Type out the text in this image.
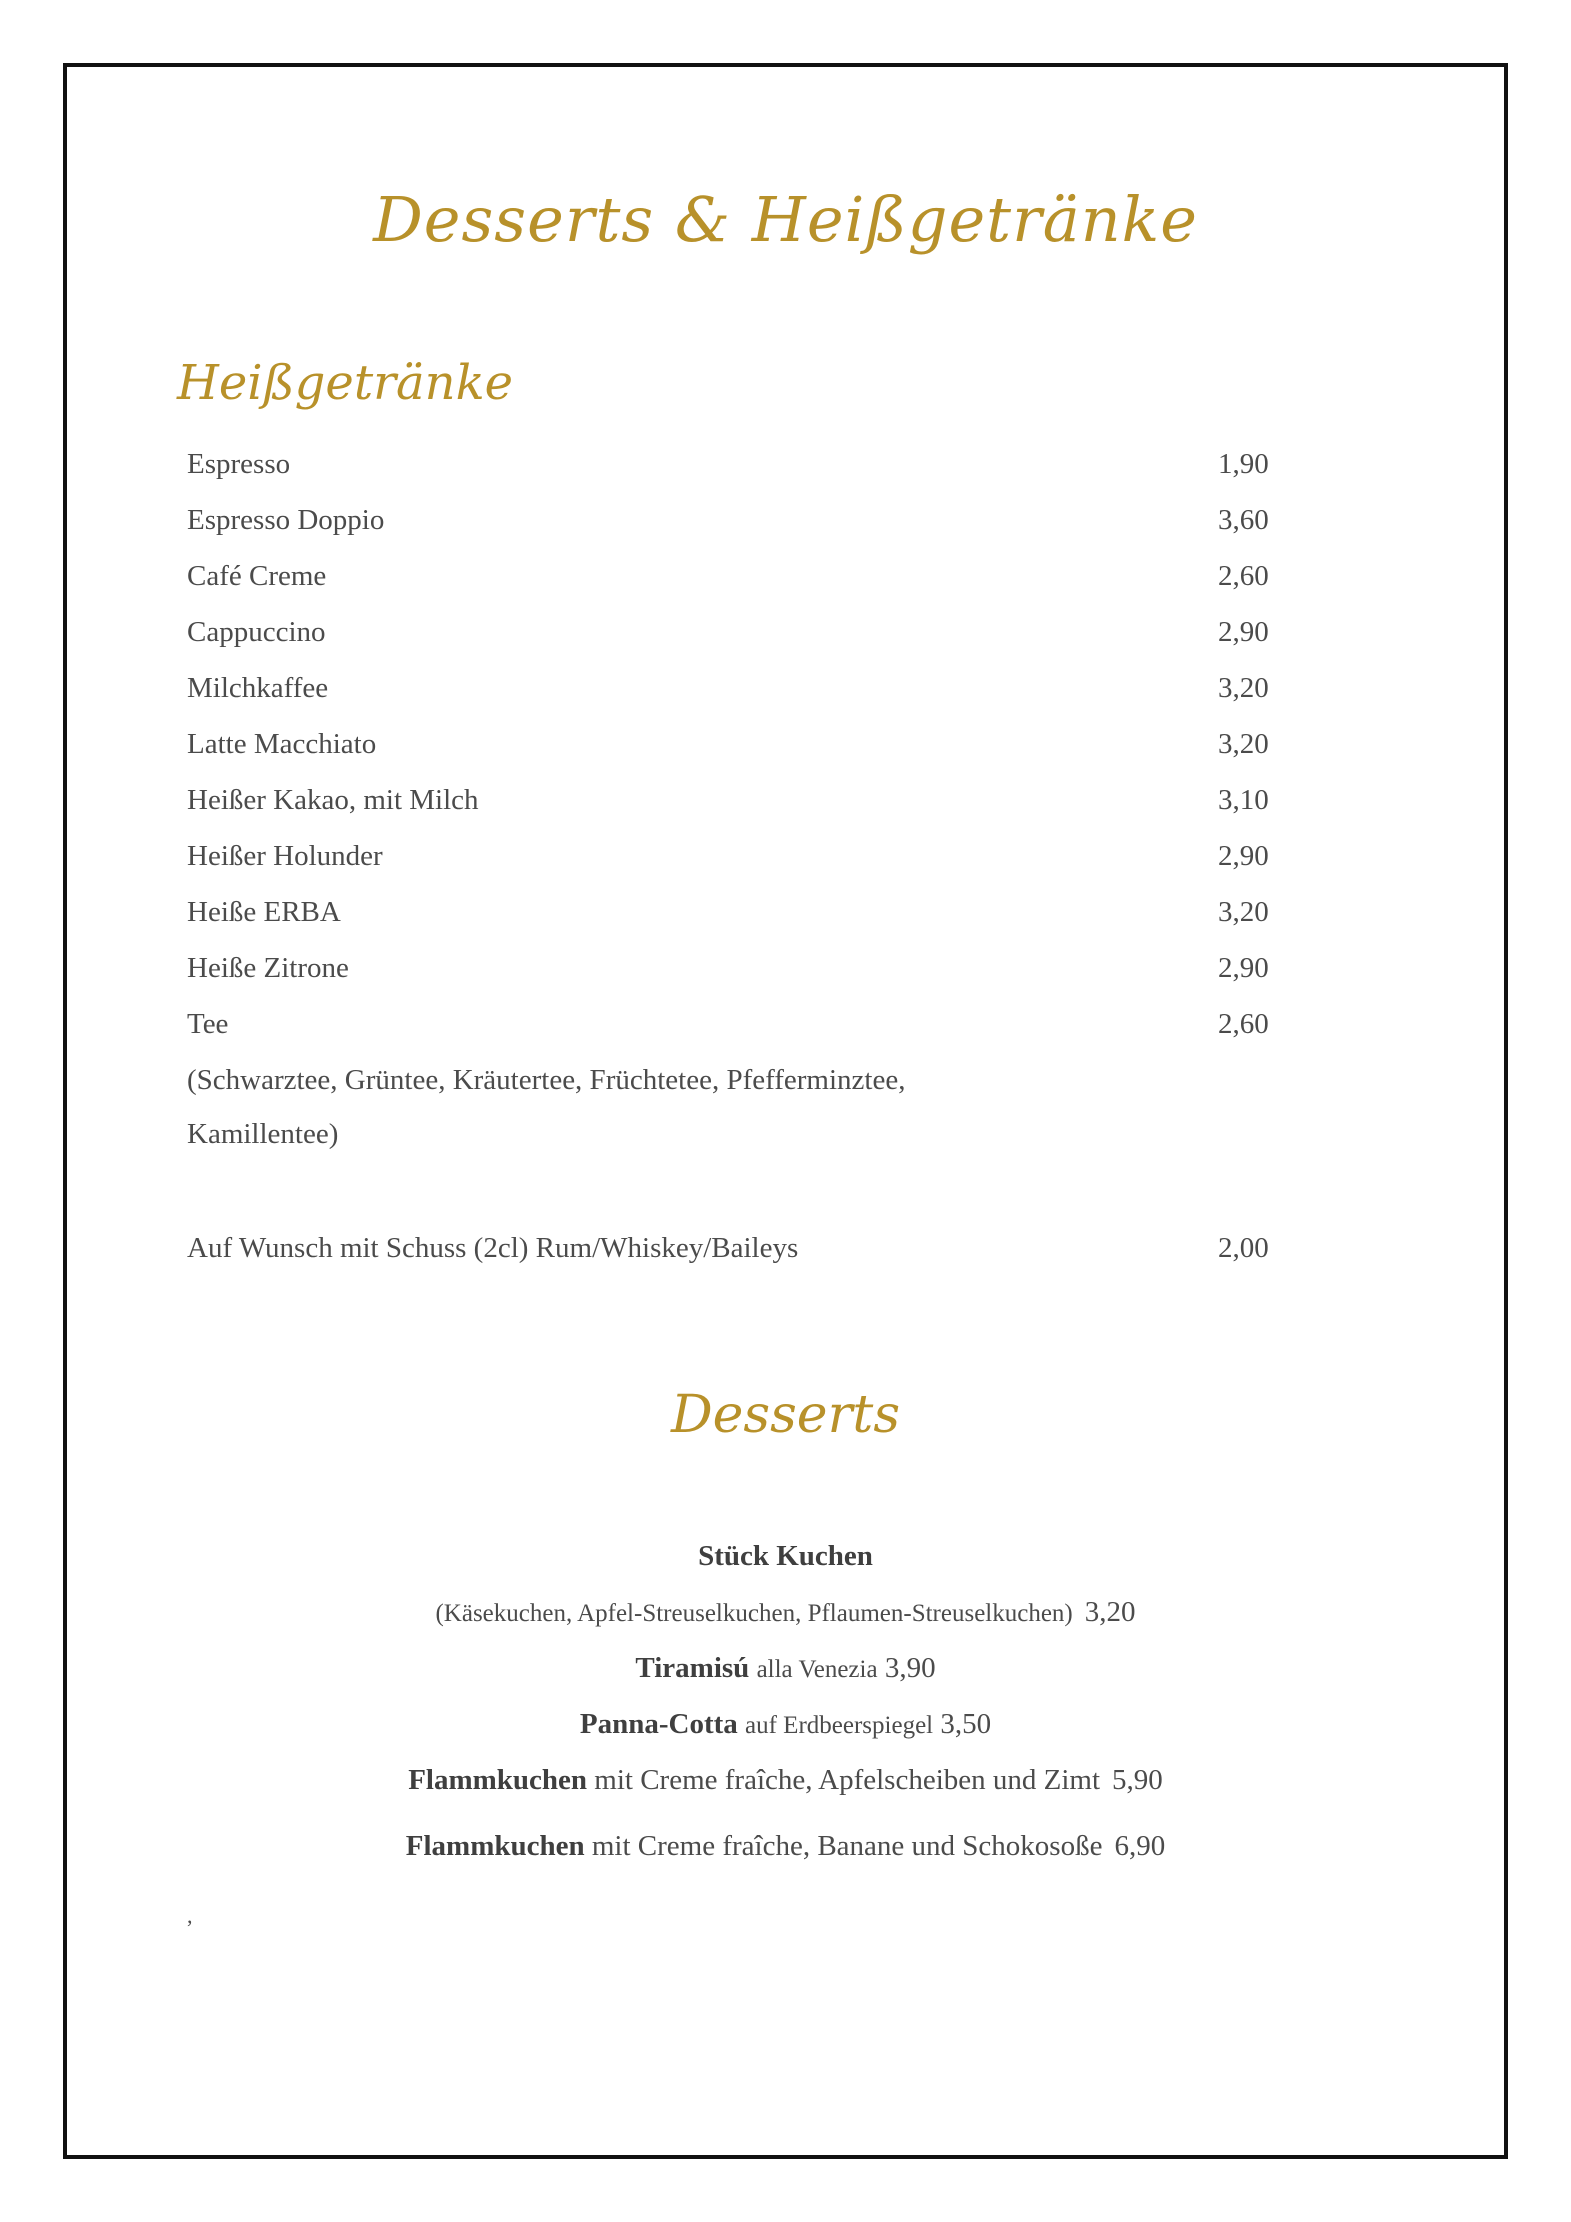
Desserts & Heißgetränke
Heißgetränke
Espresso	1,90
Espresso Doppio	3,60
Café Creme	2,60
Cappuccino	2,90
Milchkaffee	3,20
Latte Macchiato	3,20
Heißer Kakao, mit Milch	3,10
Heißer Holunder	2,90
Heiße ERBA	3,20
Heiße Zitrone	2,90
Tee	2,60
(Schwarztee, Grüntee, Kräutertee, Früchtetee, Pfefferminztee,
Kamillentee)
Auf Wunsch mit Schuss (2cl) Rum/Whiskey/Baileys	2,00
Desserts
Stück Kuchen
(Käsekuchen, Apfel-Streuselkuchen, Pflaumen-Streuselkuchen) 3,20
Tiramisú alla Venezia 3,90
Panna-Cotta auf Erdbeerspiegel 3,50
Flammkuchen mit Creme fraîche, Apfelscheiben und Zimt 5,90
Flammkuchen mit Creme fraîche, Banane und Schokosoße 6,90
,
